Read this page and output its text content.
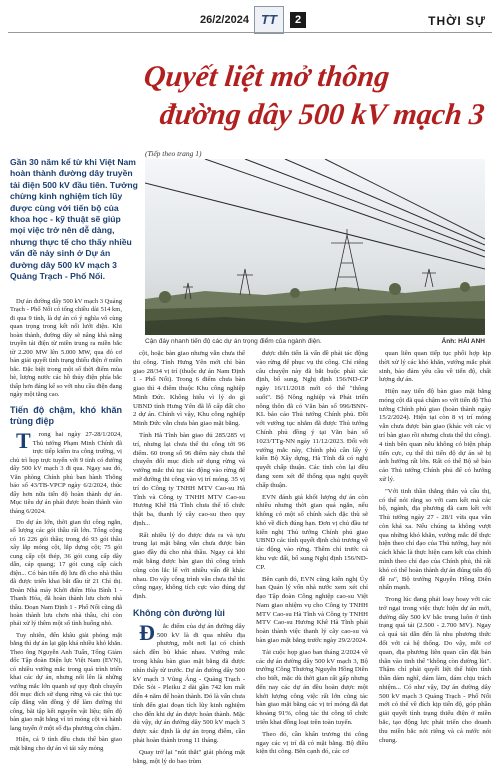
26/2/2024 TT	2	THỜI SỰ
Quyết liệt mở thông
đường dây 500 kV mạch 3
(Tiếp theo trang 1)
Cận đáy nhanh tiến độ các dự án trọng điểm của ngành điện.	Ảnh: HẢI ANH
Gần 30 năm kể từ khi Việt Nam hoàn thành đường dây truyền tải điện 500 kV đầu tiên. Tưởng chừng kinh nghiệm tích lũy được cùng với tiến bộ của khoa học - kỹ thuật sẽ giúp mọi việc trở nên dễ dàng, nhưng thực tế cho thấy nhiều vấn đề nảy sinh ở Dự án đường dây 500 kV mạch 3 Quảng Trạch - Phố Nối.

Dự án đường dây 500 kV mạch 3 Quảng Trạch - Phố Nối có tổng chiều dài 514 km, đi qua 9 tỉnh, là dự án có ý nghĩa vô cùng quan trọng trong kết nối lưới điện. Khi hoàn thành, đường dây sẽ nâng khả năng truyền tải điện từ miền trung ra miền bắc từ 2.200 MW lên 5.000 MW, qua đó cơ bản giải quyết tình trạng thiếu điện ở miền bắc. Đặc biệt trong một số thời điểm mùa hè, lượng nước các hồ thủy điện phía bắc thấp hơn đáng kể so với nhu cầu điện đang ngày một tăng cao.

Tiến độ chậm, khó khăn trùng điệp

T rong hai ngày 27-28/1/2024, Thủ tướng Phạm Minh Chính đã trực tiếp kiểm tra công trường, vị chủ trì họp trực tuyến với 9 tỉnh có đường dây 500 kV mạch 3 đi qua. Ngay sau đó, Văn phòng Chính phủ ban hành Thông báo số 43/TB-VPCP ngày 6/2/2024, thúc đẩy hơn nữa tiến độ hoàn thành dự án. Mục tiêu dự án phải được hoàn thành vào tháng 6/2024.

Do dự án lớn, thời gian thi công ngắn, số lượng các gói thầu rất lớn. Tổng cộng có 16 226 gói thầu; trong đó 93 gói thầu xây lắp móng cột, lắp dựng cột; 75 gói cung cấp cột thép, 36 gói cung cấp dây dẫn, cáp quang; 17 gói cung cấp cách điện... Có bản tiến độ lưu đồ cho nhà thầu đã được triển khai bắt đầu từ 21 Chỉ thị. Đoàn Nhà máy Khởi điểm Hòa Bình 1 - Thanh Hóa, đã hoàn thành lưu chơn nhà thầu. Đoạn Nam Định 1 - Phố Nối cũng đã hoàn thành lưu chơn nhà thầu, chỉ còn phải xử lý thêm một số tình huống nhỏ.

Tuy nhiên, đến khâu giải phóng mặt bằng thì dự án lại gặp khá nhiều khó khăn. Theo ông Nguyễn Anh Tuấn, Tổng Giám đốc Tập đoàn Điện lực Việt Nam (EVN), có nhiều vướng mắc trong quá trình triển khai các dự án, nhưng nổi lên là những vướng mắc lớn quanh sự quy định chuyển đổi mục đích sử dụng rừng và các thủ tục cấp đăng văn đồng ý để làm đường thi công, bãi tập kết nguyên vật liệu; tiến độ bàn giao mặt bằng vì trì móng cột và hành lang tuyến ở một số địa phương còn chậm.

Hiện, cả 9 tỉnh đều chưa thể bàn giao mặt bằng cho dự án vì tái xây móng

cột, hoặc bàn giao nhưng vẫn chưa thể thi công. Tỉnh Hưng Yên mới chỉ bàn giao 28/34 vị trí (thuộc dự án Nam Định 1 - Phố Nối). Trong 6 điểm chưa bàn giao thì 4 điểm thuộc Khu công nghiệp Minh Đức. Không hiểu vì lý do gì UBND tỉnh Hưng Yên đã lỗ cấp đất cho 2 dự án. Chính vì vậy, Khu công nghiệp Minh Đức vẫn chưa bàn giao mặt bằng.

Tỉnh Hà Tĩnh bàn giao đủ 285/285 vị trí, nhưng lại chưa thể thi công tới 96 điểm. 60 trong số 96 điểm này chưa thể chuyển đổi mục đích sử dụng rừng và vướng mắc thủ tục tác động vào rừng để mở đường thi công vào vị trí móng. 35 vị trí do Công ty TNHH MTV Cao-su Hà Tĩnh và Công ty TNHH MTV Cao-su Hương Khê Hà Tĩnh chưa thể tổ chức thật ba, thanh lý cây cao-su theo quy định...

Rất nhiều lý do được đưa ra và tựu trung lại mặt bằng vẫn chưa được bàn giao đầy đủ cho nhà thầu. Ngay cả khi mặt bằng được bàn giao thì công trình cũng còn lắc lể với nhiều vấn đề khác nhau. Do vậy công trình vẫn chưa thể thi công ngay, không tích cực vào đúng dự định.

Không còn đường lùi

Đ ắc điểm của dự án đường dây 500 kV là đi qua nhiều địa phương, mỗi nơi lại có chính sách đền bù khác nhau. Vướng mắc trong khâu bàn giao mặt bằng đã được nhìn thấy từ trước. Dự án đường dây 500 kV mạch 3 Vũng Áng - Quảng Trạch - Dốc Sỏi - Pleiku 2 dài gần 742 km mất đến 4 năm để hoàn thành. Đó là vấn chưa tính đến giai đoạn tích lũy kinh nghiệm cho đến khi dự án được hoàn thành. Mặc dù vậy, dự án đường dây 500 kV mạch 3 được xác định là dự án trọng điểm, cần phải hoàn thành trong 11 tháng.

Quay trở lại "nút thắt" giải phóng mặt bằng, một lý do bao trùm

được diễn tiến là vấn đề phải tác động vào rừng để phục vụ thi công. Chỉ riêng câu chuyện này đã bắt buộc phải xác định, bổ sung, Nghị định 156/ND-CP ngày 16/11/2018 mới có thể "thông suốt". Bộ Nông nghiệp và Phát triển nông thôn đã có Văn bản số 996/BNN-KL báo cáo Thủ tướng Chính phủ. Đồi với vướng tục nhằm đã được Thủ tướng Chính phủ đồng ý tại Văn bản số 1023/TTg-NN ngày 11/12/2023. Đối với vướng mắc này, Chính phủ cần lấy ý kiến Bộ Xây dựng, Hà Tĩnh đã có nghị quyết chấp thuận. Các tỉnh còn lại đều đang xem xét để thống qua nghị quyết chấp thuận.

EVN đánh giá khối lượng dự án còn nhiều nhưng thời gian quá ngắn, nếu không có một số chính sách đặc thù sẽ khó về đích đúng hạn. Đơn vị chủ đầu tư kiến nghị Thủ tướng Chính phủ giao UBND các tỉnh quyết định chủ trương về tác động vào rừng. Thêm chỉ trước cả khu vực đất, bổ sung Nghị định 156/ND-CP.

Bên cạnh đó, EVN cũng kiến nghị Ủy ban Quản lý vốn nhà nước xem xét chỉ đạo Tập đoàn Công nghiệp cao-su Việt Nam giao nhiệm vụ cho Công ty TNHH MTV Cao-su Hà Tĩnh và Công ty TNHH MTV Cao-su Hương Khê Hà Tĩnh phải hoàn thành việc thanh lý cây cao-su và bàn giao mặt bằng trước ngày 29/2/2024.

Tài cuộc họp giao ban tháng 2/2024 về các dự án đường dây 500 kV mạch 3, Bộ trưởng Công Thương Nguyễn Hồng Diên cho biết, mặc dù thời gian rất gấp nhưng đến nay các dự án đều hoàn được một khởi lượng công việc rất lớn cũng tác bàn giao mặt bằng các vị trí móng đã đạt khoảng 91%, công tác thi công tổ chức triển khai đồng loạt trên toàn tuyến.

Theo đó, cần khẩn trương thi công ngay các vị trí đã có mặt bằng. Bộ điều kiện thi công. Bên cạnh đó, các cơ

quan liên quan tiếp tục phối hợp kịp thời xử lý các khó khăn, vướng mắc phát sinh, bảo đảm yêu cầu về tiến độ, chất lượng dự án.

Hiện nay tiến độ bàn giao mặt bằng móng cột đã quá chậm so với tiến độ Thủ tướng Chính phủ giao (hoàn thành ngày 15/2/2024). Hiện tại còn 8 vị trí móng vẫn chưa được bàn giao (khác với các vị trí bàn giao rồi nhưng chưa thể thi công). 4 tỉnh bên quan nêu không có biện pháp tiến cực, cụ thể thì tiến độ dự án sẽ bị ảnh hưởng rất lớn. Rất có thể Bộ sẽ báo cáo Thủ tướng Chính phủ để có hướng xử lý.

"Với tinh thần thắng thắn và cầu thị, có thể nói rằng so với cam kết mà các bộ, ngành, địa phương đã cam kết với Thủ tướng ngày 27 - 28/1 vừa qua vẫn còn khá xa. Nếu chúng ta không vượt qua những khó khăn, vướng mắc để thực hiện theo chỉ đạo của Thủ tướng, hay nói cách khác là thực hiện cam kết của chính mình theo chỉ đạo của Chính phủ, thì rất khó có thể hoàn thành dự án đúng tiến độ đề ra", Bộ trưởng Nguyễn Hồng Diên nhấn mạnh.

Trong lúc đang phải loay hoay với các trở ngại trong việc thực hiện dự án mới, đường dây 500 kV bắc trung luôn ở tình trạng quá tải (2.500 - 2.700 MV). Ngay cả quá tải dẫn đến là nhu phương thức đối với cả hệ thống. Do vậy, mỗi cơ quan, địa phương liên quan cần đặt bản thân vào tinh thể "không còn đường lùi". Thậm chí phải quyết liệt thể hiện tính thần dám nghĩ, dám làm, dám chịu trách nhiệm... Có như vậy, Dự án đường dây 500 kV mạch 3 Quảng Trạch - Phố Nối mới có thể về đích kịp tiến độ, góp phần giải quyết tình trạng thiếu điện ở miền bắc, tạo động lực phát triển cho doanh thu miền bắc nói riêng và cả nước nói chung.
